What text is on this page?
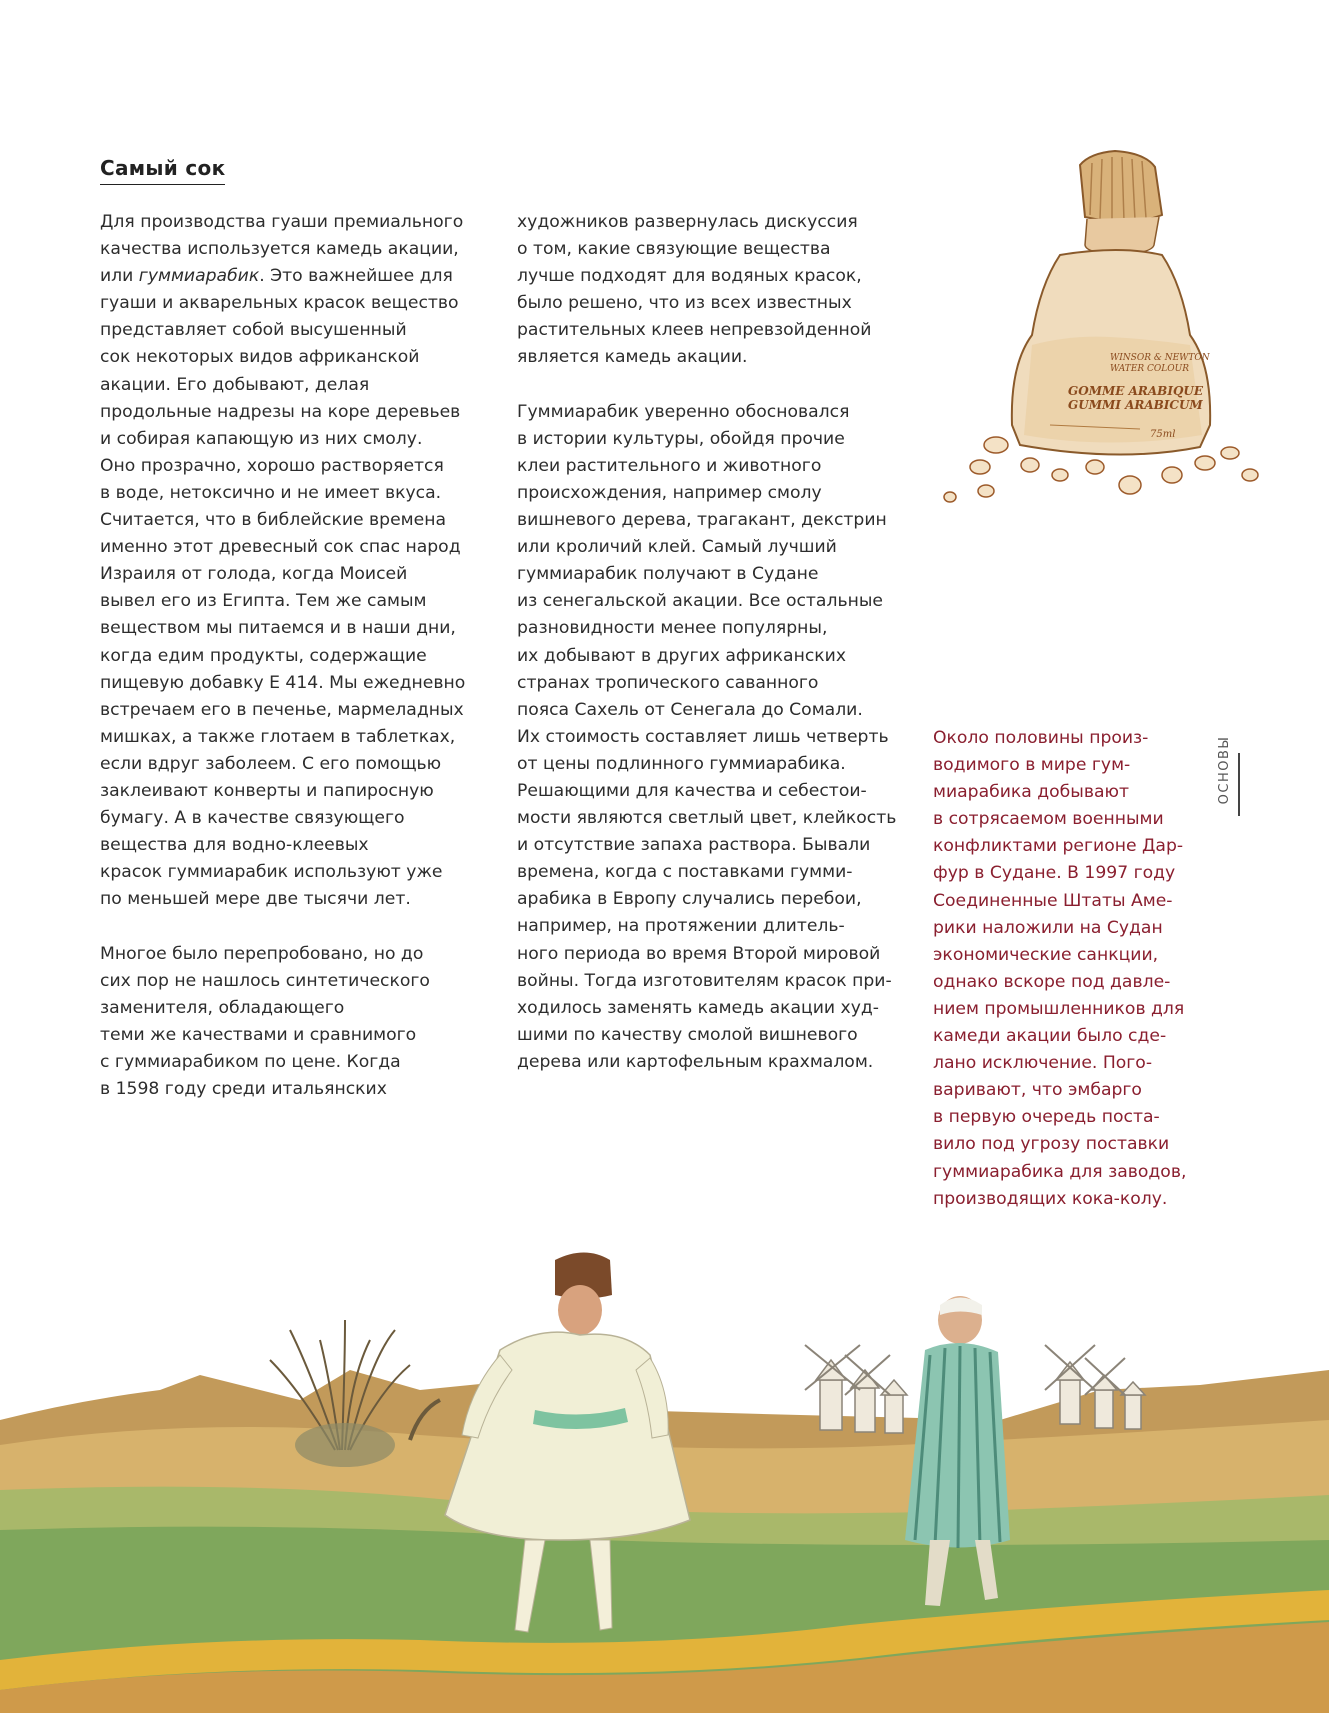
Самый сок

Для производства гуаши премиального
качества используется камедь акации,
или гуммиарабик. Это важнейшее для
гуаши и акварельных красок вещество
представляет собой высушенный
сок некоторых видов африканской
акации. Его добывают, делая
продольные надрезы на коре деревьев
и собирая капающую из них смолу.
Оно прозрачно, хорошо растворяется
в воде, нетоксично и не имеет вкуса.
Считается, что в библейские времена
именно этот древесный сок спас народ
Израиля от голода, когда Моисей
вывел его из Египта. Тем же самым
веществом мы питаемся и в наши дни,
когда едим продукты, содержащие
пищевую добавку Е 414. Мы ежедневно
встречаем его в печенье, мармеладных
мишках, а также глотаем в таблетках,
если вдруг заболеем. С его помощью
заклеивают конверты и папиросную
бумагу. А в качестве связующего
вещества для водно-клеевых
красок гуммиарабик используют уже
по меньшей мере две тысячи лет.

Многое было перепробовано, но до
сих пор не нашлось синтетического
заменителя, обладающего
теми же качествами и сравнимого
с гуммиарабиком по цене. Когда
в 1598 году среди итальянских

художников развернулась дискуссия
о том, какие связующие вещества
лучше подходят для водяных красок,
было решено, что из всех известных
растительных клеев непревзойденной
является камедь акации.

Гуммиарабик уверенно обосновался
в истории культуры, обойдя прочие
клеи растительного и животного
происхождения, например смолу
вишневого дерева, трагакант, декстрин
или кроличий клей. Самый лучший
гуммиарабик получают в Судане
из сенегальской акации. Все остальные
разновидности менее популярны,
их добывают в других африканских
странах тропического саванного
пояса Сахель от Сенегала до Сомали.
Их стоимость составляет лишь четверть
от цены подлинного гуммиарабика.
Решающими для качества и себестои-
мости являются светлый цвет, клейкость
и отсутствие запаха раствора. Бывали
времена, когда с поставками гумми-
арабика в Европу случались перебои,
например, на протяжении длитель-
ного периода во время Второй мировой
войны. Тогда изготовителям красок при-
ходилось заменять камедь акации худ-
шими по качеству смолой вишневого
дерева или картофельным крахмалом.

Около половины произ-
водимого в мире гум-
миарабика добывают
в сотрясаемом военными
конфликтами регионе Дар-
фур в Судане. В 1997 году
Соединенные Штаты Аме-
рики наложили на Судан
экономические санкции,
однако вскоре под давле-
нием промышленников для
камеди акации было сде-
лано исключение. Пого-
варивают, что эмбарго
в первую очередь поста-
вило под угрозу поставки
гуммиарабика для заводов,
производящих кока-колу.

ОСНОВЫ
WINSOR & NEWTON
WATER COLOUR
GOMME ARABIQUE
GUMMI ARABICUM
75ml
